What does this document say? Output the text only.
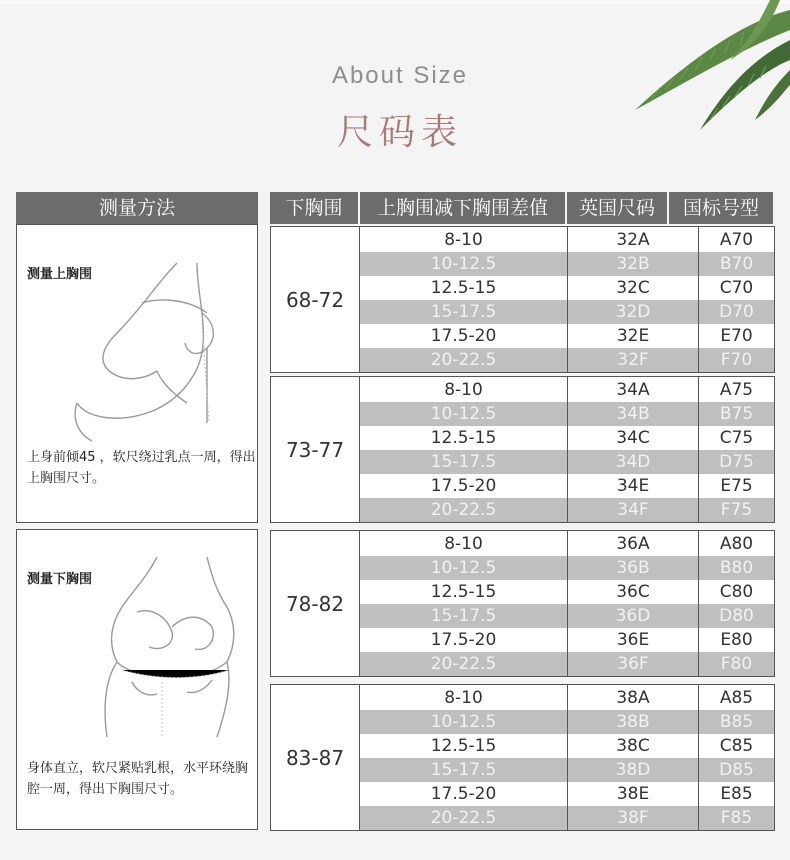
About Size
尺码表
测量方法
测量上胸围
上身前倾45 ，软尺绕过乳点一周，得出上胸围尺寸。
测量下胸围
身体直立，软尺紧贴乳根，水平环绕胸腔一周，得出下胸围尺寸。
下胸围	上胸围减下胸围差值	英国尺码	国标号型
68-72
8-10	32A	A70
10-12.5	32B	B70
12.5-15	32C	C70
15-17.5	32D	D70
17.5-20	32E	E70
20-22.5	32F	F70
73-77
8-10	34A	A75
10-12.5	34B	B75
12.5-15	34C	C75
15-17.5	34D	D75
17.5-20	34E	E75
20-22.5	34F	F75
78-82
8-10	36A	A80
10-12.5	36B	B80
12.5-15	36C	C80
15-17.5	36D	D80
17.5-20	36E	E80
20-22.5	36F	F80
83-87
8-10	38A	A85
10-12.5	38B	B85
12.5-15	38C	C85
15-17.5	38D	D85
17.5-20	38E	E85
20-22.5	38F	F85
